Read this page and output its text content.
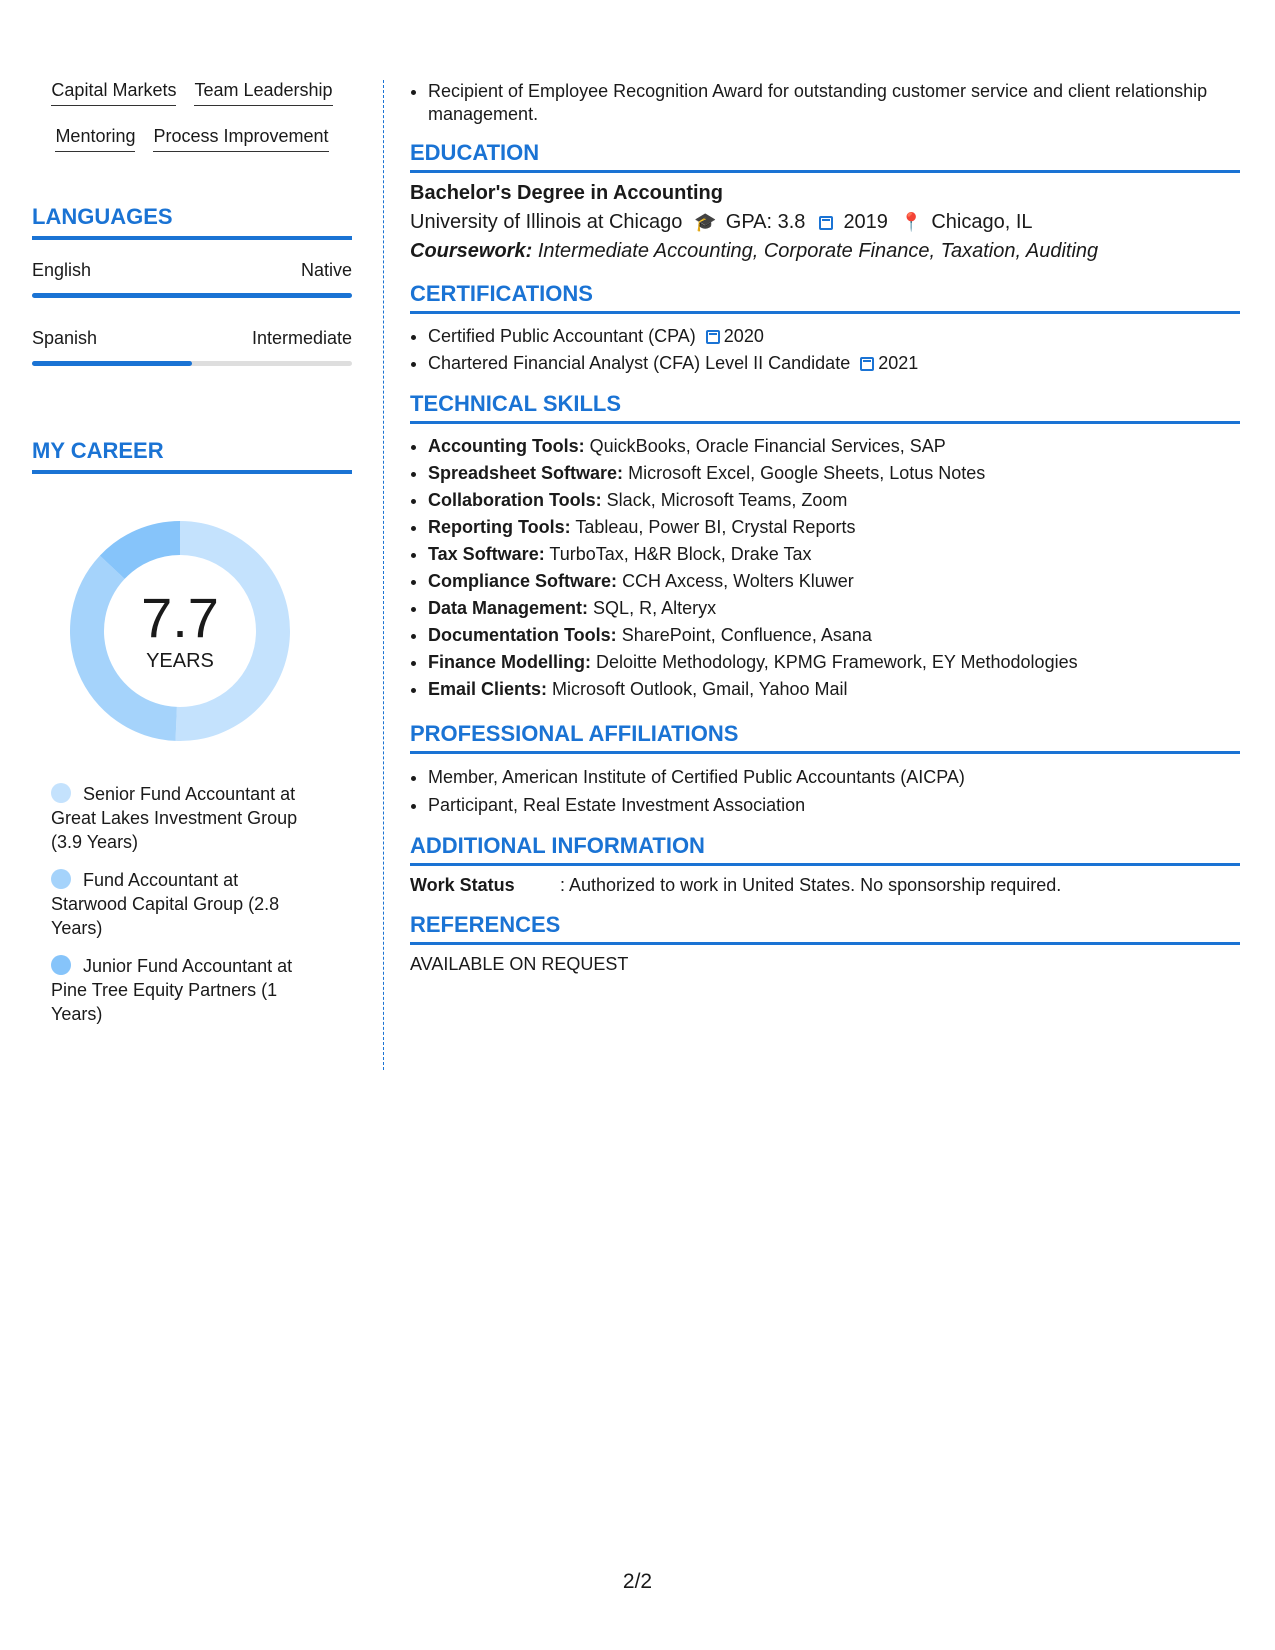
Capital Markets Team Leadership
Mentoring Process Improvement
LANGUAGES
English	Native
Spanish	Intermediate
MY CAREER
7.7
YEARS
Senior Fund Accountant at Great Lakes Investment Group (3.9 Years)
Fund Accountant at Starwood Capital Group (2.8 Years)
Junior Fund Accountant at Pine Tree Equity Partners (1 Years)
• Recipient of Employee Recognition Award for outstanding customer service and client relationship management.
EDUCATION
Bachelor's Degree in Accounting
University of Illinois at Chicago 🎓 GPA: 3.8 2019 📍 Chicago, IL
Coursework: Intermediate Accounting, Corporate Finance, Taxation, Auditing
CERTIFICATIONS
• Certified Public Accountant (CPA) 2020
• Chartered Financial Analyst (CFA) Level II Candidate 2021
TECHNICAL SKILLS
• Accounting Tools: QuickBooks, Oracle Financial Services, SAP
• Spreadsheet Software: Microsoft Excel, Google Sheets, Lotus Notes
• Collaboration Tools: Slack, Microsoft Teams, Zoom
• Reporting Tools: Tableau, Power BI, Crystal Reports
• Tax Software: TurboTax, H&R Block, Drake Tax
• Compliance Software: CCH Axcess, Wolters Kluwer
• Data Management: SQL, R, Alteryx
• Documentation Tools: SharePoint, Confluence, Asana
• Finance Modelling: Deloitte Methodology, KPMG Framework, EY Methodologies
• Email Clients: Microsoft Outlook, Gmail, Yahoo Mail
PROFESSIONAL AFFILIATIONS
• Member, American Institute of Certified Public Accountants (AICPA)
• Participant, Real Estate Investment Association
ADDITIONAL INFORMATION
Work Status	: Authorized to work in United States. No sponsorship required.
REFERENCES
AVAILABLE ON REQUEST
2/2
